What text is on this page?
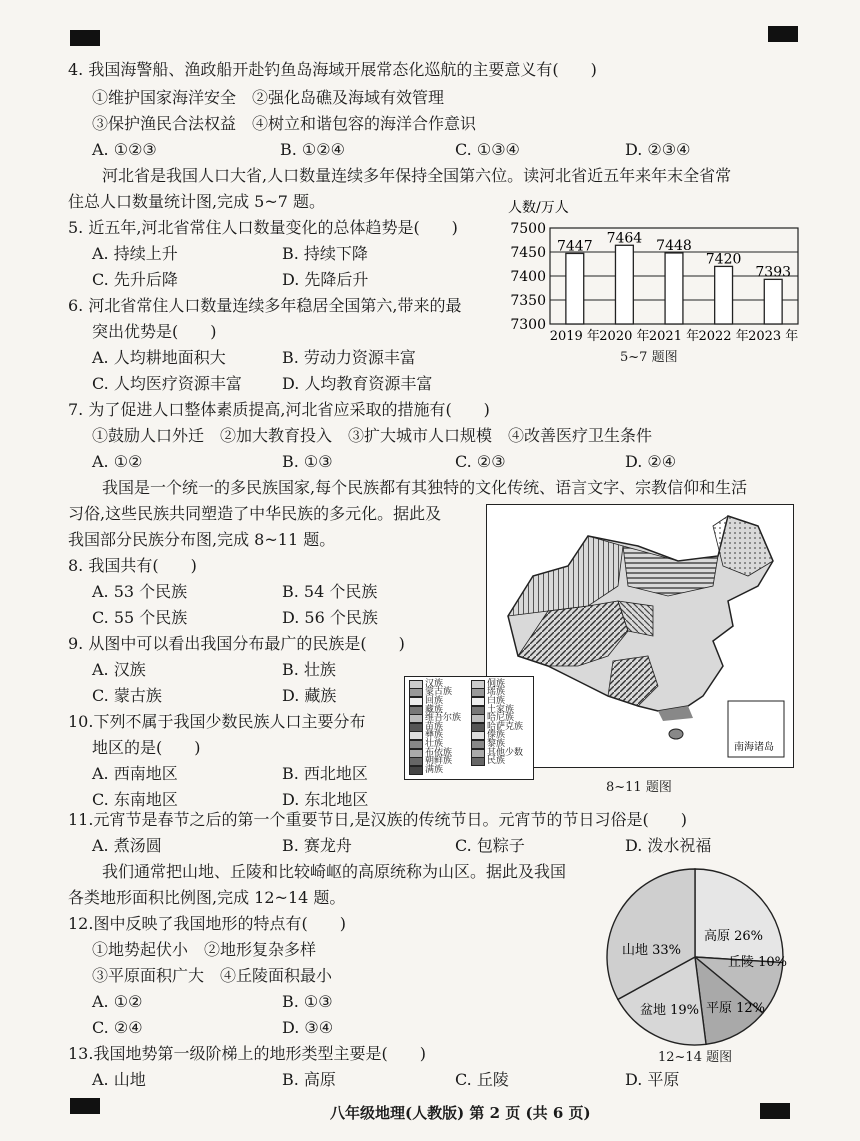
4. 我国海警船、渔政船开赴钓鱼岛海域开展常态化巡航的主要意义有(　　)
①维护国家海洋安全　②强化岛礁及海域有效管理
③保护渔民合法权益　④树立和谐包容的海洋合作意识
A. ①②③	B. ①②④	C. ①③④	D. ②③④
河北省是我国人口大省,人口数量连续多年保持全国第六位。读河北省近五年来年末全省常
住总人口数量统计图,完成 5~7 题。
5. 近五年,河北省常住人口数量变化的总体趋势是(　　)
A. 持续上升	B. 持续下降
C. 先升后降	D. 先降后升
6. 河北省常住人口数量连续多年稳居全国第六,带来的最
突出优势是(　　)
A. 人均耕地面积大	B. 劳动力资源丰富
C. 人均医疗资源丰富	D. 人均教育资源丰富
人数/万人
7300
7350
7400
7450
7500
7447
2019 年
7464
2020 年
7448
2021 年
7420
2022 年
7393
2023 年
5~7 题图
7. 为了促进人口整体素质提高,河北省应采取的措施有(　　)
①鼓励人口外迁　②加大教育投入　③扩大城市人口规模　④改善医疗卫生条件
A. ①②	B. ①③	C. ②③	D. ②④
我国是一个统一的多民族国家,每个民族都有其独特的文化传统、语言文字、宗教信仰和生活
习俗,这些民族共同塑造了中华民族的多元化。据此及
我国部分民族分布图,完成 8~11 题。
8. 我国共有(　　)
A. 53 个民族	B. 54 个民族
C. 55 个民族	D. 56 个民族
9. 从图中可以看出我国分布最广的民族是(　　)
A. 汉族	B. 壮族
C. 蒙古族	D. 藏族
10.下列不属于我国少数民族人口主要分布
地区的是(　　)
A. 西南地区	B. 西北地区
C. 东南地区	D. 东北地区
南海诸岛
汉族
蒙古族
回族
藏族
维吾尔族
苗族
彝族
壮族
布依族
朝鲜族
满族
侗族
瑶族
白族
土家族
哈尼族
哈萨克族
傣族
黎族
其他少数
民族
8~11 题图
11.元宵节是春节之后的第一个重要节日,是汉族的传统节日。元宵节的节日习俗是(　　)
A. 煮汤圆	B. 赛龙舟	C. 包粽子	D. 泼水祝福
我们通常把山地、丘陵和比较崎岖的高原统称为山区。据此及我国
各类地形面积比例图,完成 12~14 题。
12.图中反映了我国地形的特点有(　　)
①地势起伏小　②地形复杂多样
③平原面积广大　④丘陵面积最小
A. ①②	B. ①③
C. ②④	D. ③④
高原 26%
丘陵 10%
平原 12%
盆地 19%
山地 33%
12~14 题图
13.我国地势第一级阶梯上的地形类型主要是(　　)
A. 山地	B. 高原	C. 丘陵	D. 平原
八年级地理(人教版) 第 2 页 (共 6 页)
